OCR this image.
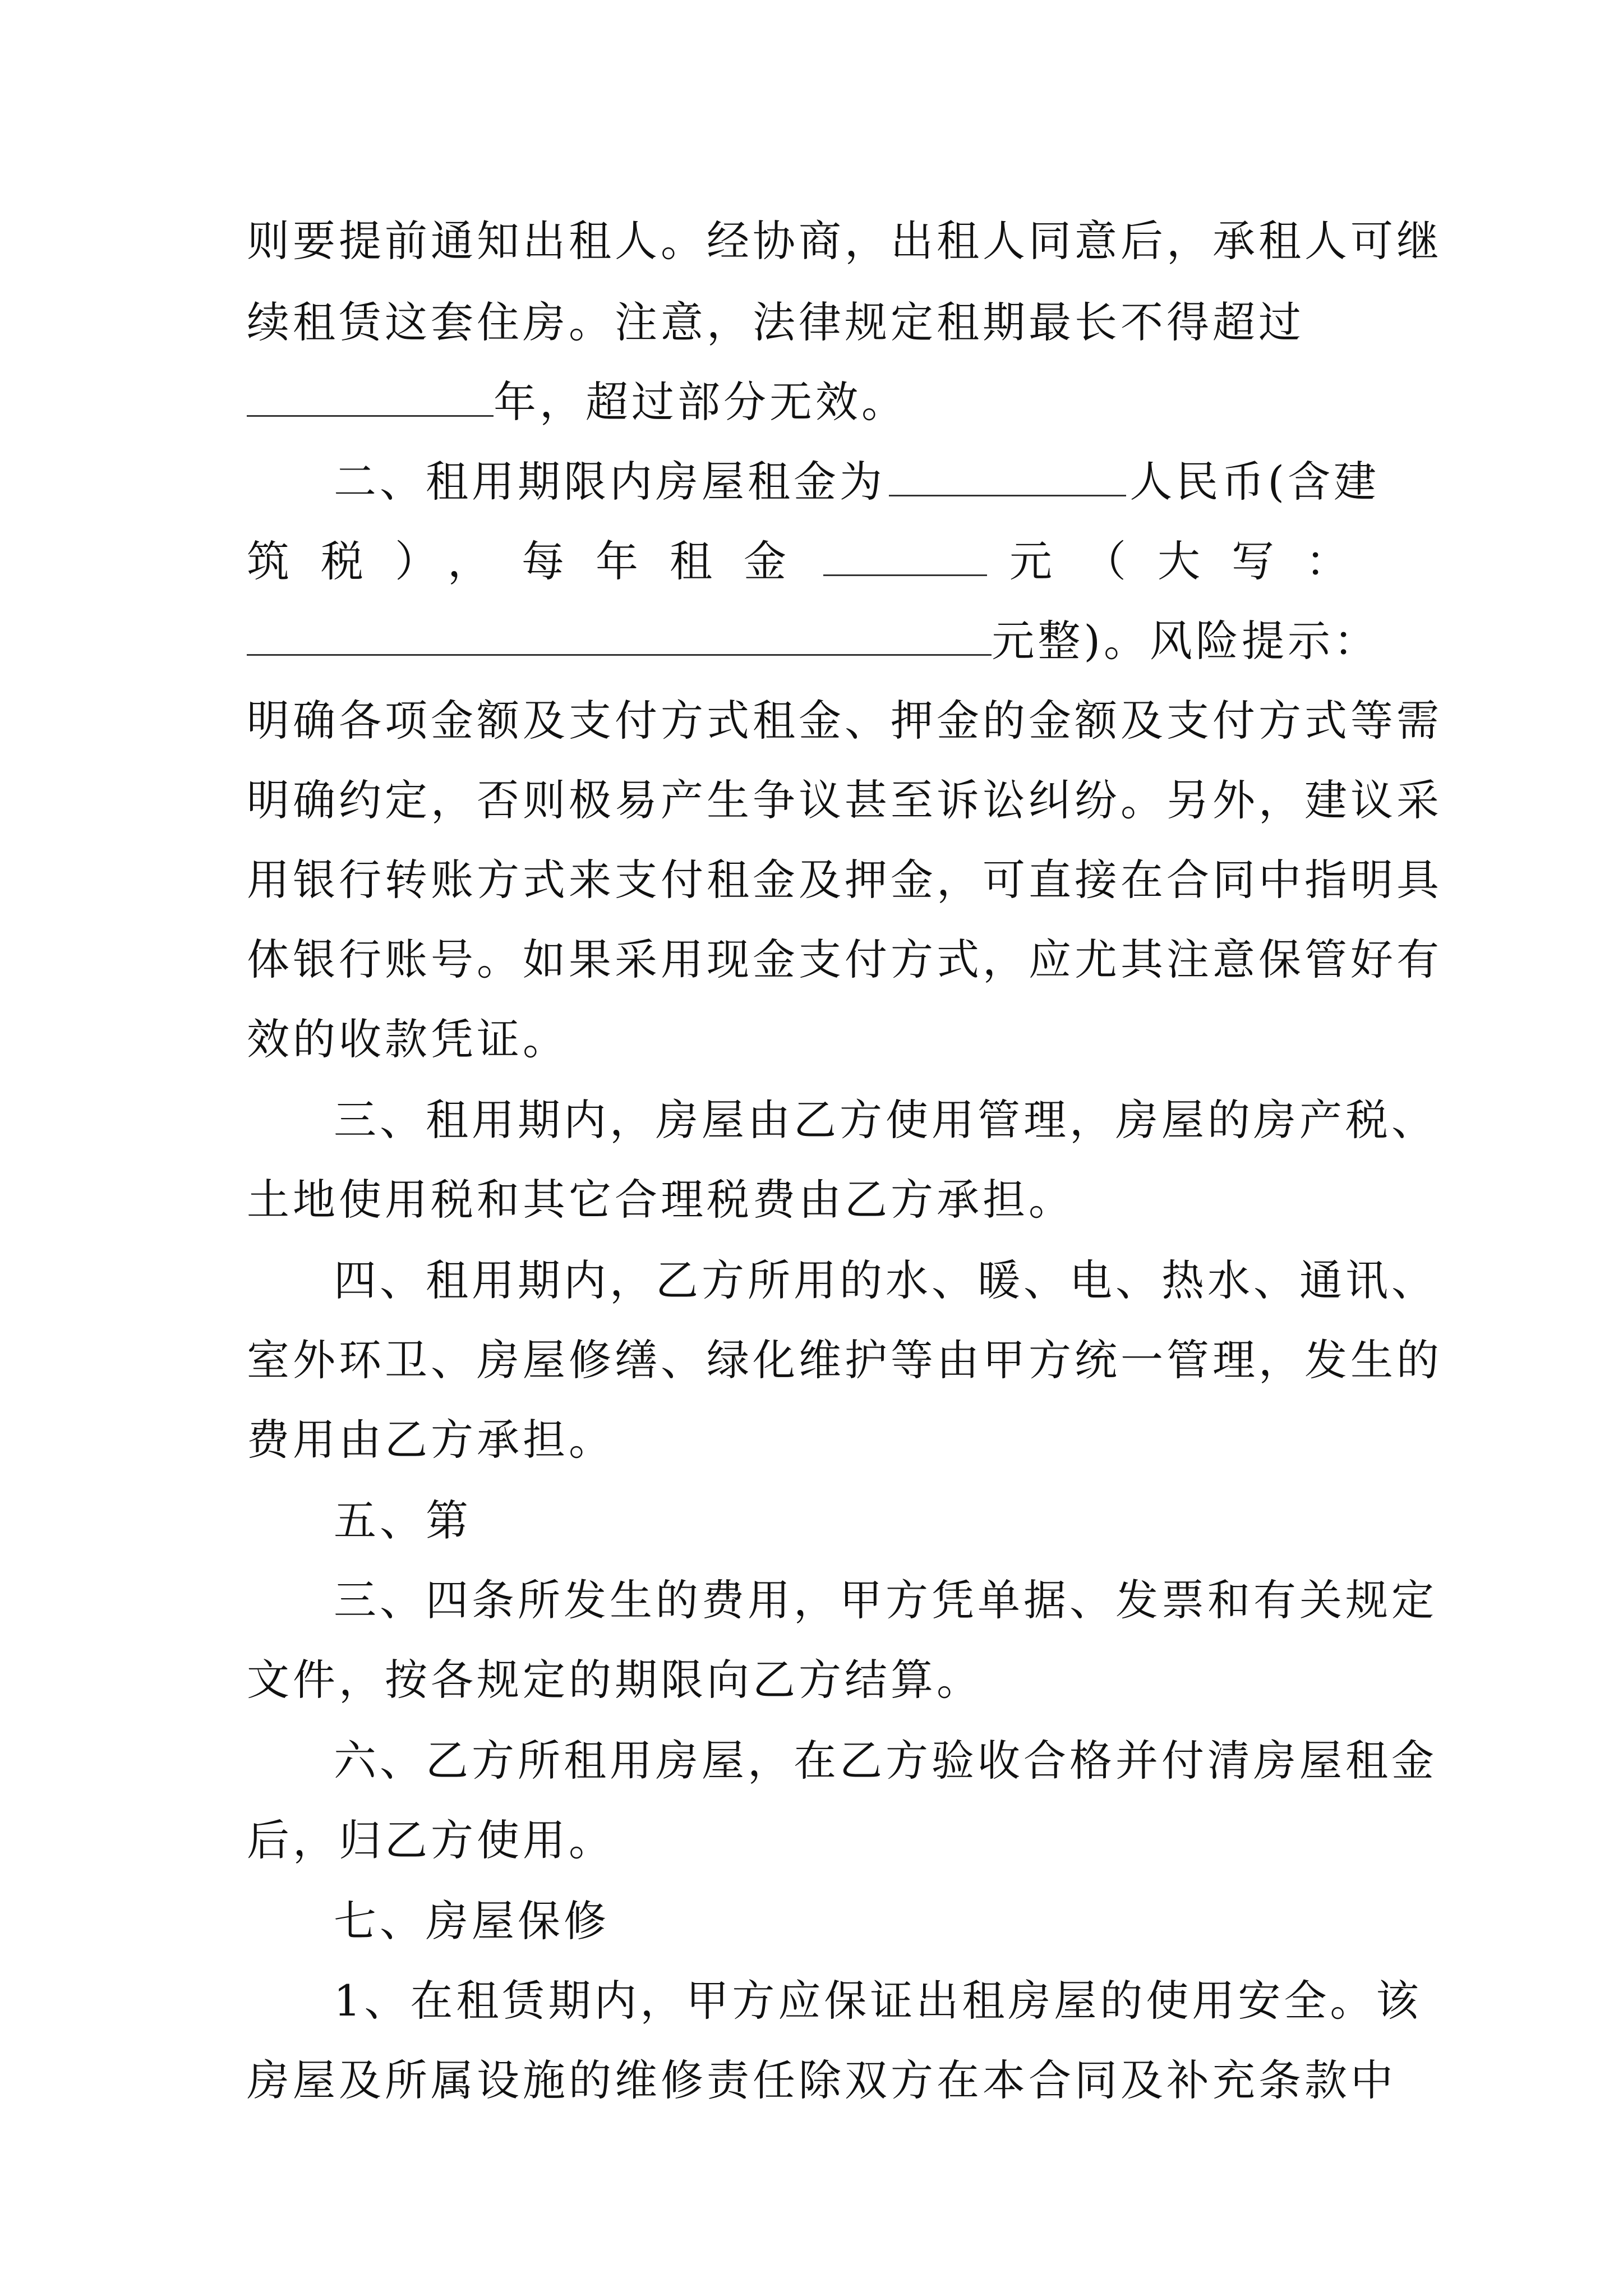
则要提前通知出租人。经协商，出租人同意后，承租人可继
续租赁这套住房。注意，法律规定租期最长不得超过
年，超过部分无效。
二、租用期限内房屋租金为	人民币(含建
筑税），每年租金	元（大写：
元整)。风险提示：
明确各项金额及支付方式租金、押金的金额及支付方式等需
明确约定，否则极易产生争议甚至诉讼纠纷。另外，建议采
用银行转账方式来支付租金及押金，可直接在合同中指明具
体银行账号。如果采用现金支付方式，应尤其注意保管好有
效的收款凭证。
三、租用期内，房屋由乙方使用管理，房屋的房产税、
土地使用税和其它合理税费由乙方承担。
四、租用期内，乙方所用的水、暖、电、热水、通讯、
室外环卫、房屋修缮、绿化维护等由甲方统一管理，发生的
费用由乙方承担。
五、第
三、四条所发生的费用，甲方凭单据、发票和有关规定
文件，按各规定的期限向乙方结算。
六、乙方所租用房屋，在乙方验收合格并付清房屋租金
后，归乙方使用。
七、房屋保修
1、在租赁期内，甲方应保证出租房屋的使用安全。该
房屋及所属设施的维修责任除双方在本合同及补充条款中
